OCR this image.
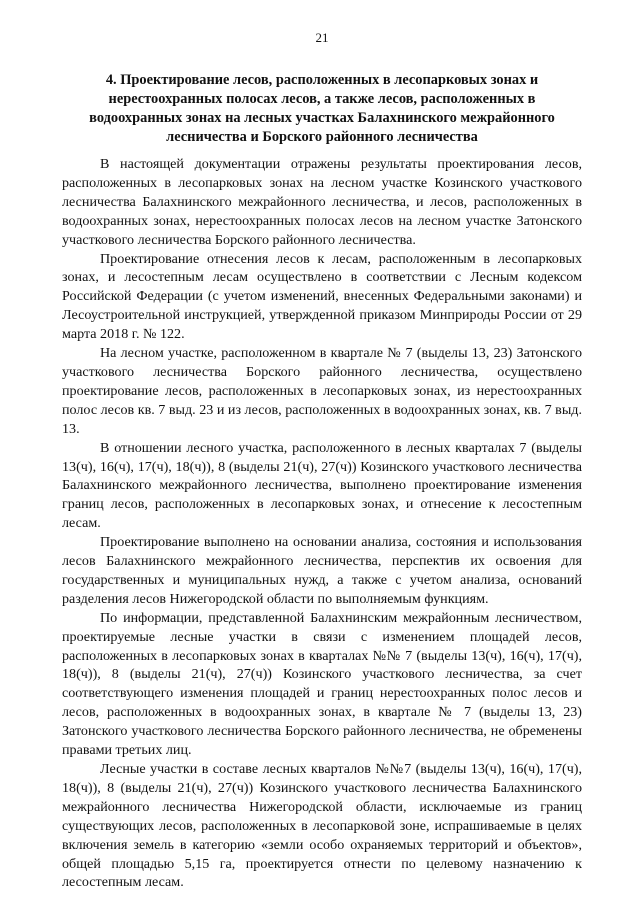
21
4. Проектирование лесов, расположенных в лесопарковых зонах и нерестоохранных полосах лесов, а также лесов, расположенных в водоохранных зонах на лесных участках Балахнинского межрайонного лесничества и Борского районного лесничества

В настоящей документации отражены результаты проектирования лесов, расположенных в лесопарковых зонах на лесном участке Козинского участкового лесничества Балахнинского межрайонного лесничества, и лесов, расположенных в водоохранных зонах, нерестоохранных полосах лесов на лесном участке Затонского участкового лесничества Борского районного лесничества.

Проектирование отнесения лесов к лесам, расположенным в лесопарковых зонах, и лесостепным лесам осуществлено в соответствии с Лесным кодексом Российской Федерации (с учетом изменений, внесенных Федеральными законами) и Лесоустроительной инструкцией, утвержденной приказом Минприроды России от 29 марта 2018 г. № 122.

На лесном участке, расположенном в квартале № 7 (выделы 13, 23) Затонского участкового лесничества Борского районного лесничества, осуществлено проектирование лесов, расположенных в лесопарковых зонах, из нерестоохранных полос лесов кв. 7 выд. 23 и из лесов, расположенных в водоохранных зонах, кв. 7 выд. 13.

В отношении лесного участка, расположенного в лесных кварталах 7 (выделы 13(ч), 16(ч), 17(ч), 18(ч)), 8 (выделы 21(ч), 27(ч)) Козинского участкового лесничества Балахнинского межрайонного лесничества, выполнено проектирование изменения границ лесов, расположенных в лесопарковых зонах, и отнесение к лесостепным лесам.

Проектирование выполнено на основании анализа, состояния и использования лесов Балахнинского межрайонного лесничества, перспектив их освоения для государственных и муниципальных нужд, а также с учетом анализа, оснований разделения лесов Нижегородской области по выполняемым функциям.

По информации, представленной Балахнинским межрайонным лесничеством, проектируемые лесные участки в связи с изменением площадей лесов, расположенных в лесопарковых зонах в кварталах №№ 7 (выделы 13(ч), 16(ч), 17(ч), 18(ч)), 8 (выделы 21(ч), 27(ч)) Козинского участкового лесничества, за счет соответствующего изменения площадей и границ нерестоохранных полос лесов и лесов, расположенных в водоохранных зонах, в квартале № 7 (выделы 13, 23) Затонского участкового лесничества Борского районного лесничества, не обременены правами третьих лиц.

Лесные участки в составе лесных кварталов №№7 (выделы 13(ч), 16(ч), 17(ч), 18(ч)), 8 (выделы 21(ч), 27(ч)) Козинского участкового лесничества Балахнинского межрайонного лесничества Нижегородской области, исключаемые из границ существующих лесов, расположенных в лесопарковой зоне, испрашиваемые в целях включения земель в категорию «земли особо охраняемых территорий и объектов», общей площадью 5,15 га, проектируется отнести по целевому назначению к лесостепным лесам.
